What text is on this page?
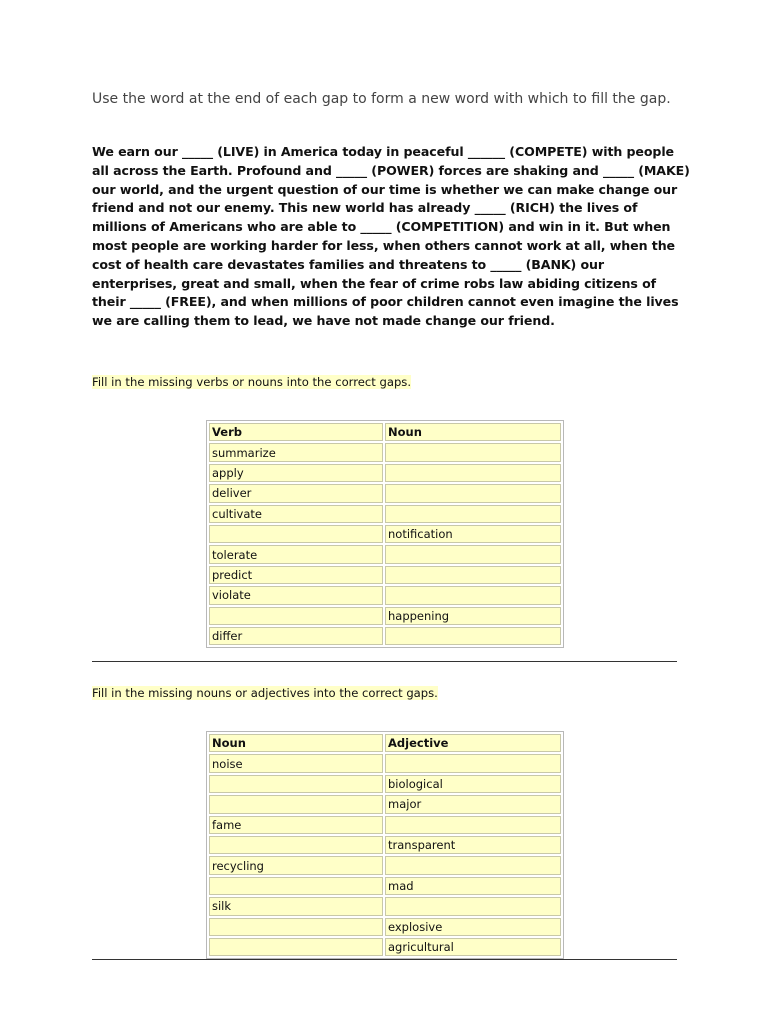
Use the word at the end of each gap to form a new word with which to fill the gap.

We earn our _____ (LIVE) in America today in peaceful ______ (COMPETE) with people all across the Earth. Profound and _____ (POWER) forces are shaking and _____ (MAKE) our world, and the urgent question of our time is whether we can make change our friend and not our enemy. This new world has already _____ (RICH) the lives of millions of Americans who are able to _____ (COMPETITION) and win in it. But when most people are working harder for less, when others cannot work at all, when the cost of health care devastates families and threatens to _____ (BANK) our enterprises, great and small, when the fear of crime robs law abiding citizens of their _____ (FREE), and when millions of poor children cannot even imagine the lives we are calling them to lead, we have not made change our friend.

Fill in the missing verbs or nouns into the correct gaps.

Verb	Noun
summarize	
apply	
deliver	
cultivate	
	notification
tolerate	
predict	
violate	
	happening
differ	

Fill in the missing nouns or adjectives into the correct gaps.

Noun	Adjective
noise	
	biological
	major
fame	
	transparent
recycling	
	mad
silk	
	explosive
	agricultural
